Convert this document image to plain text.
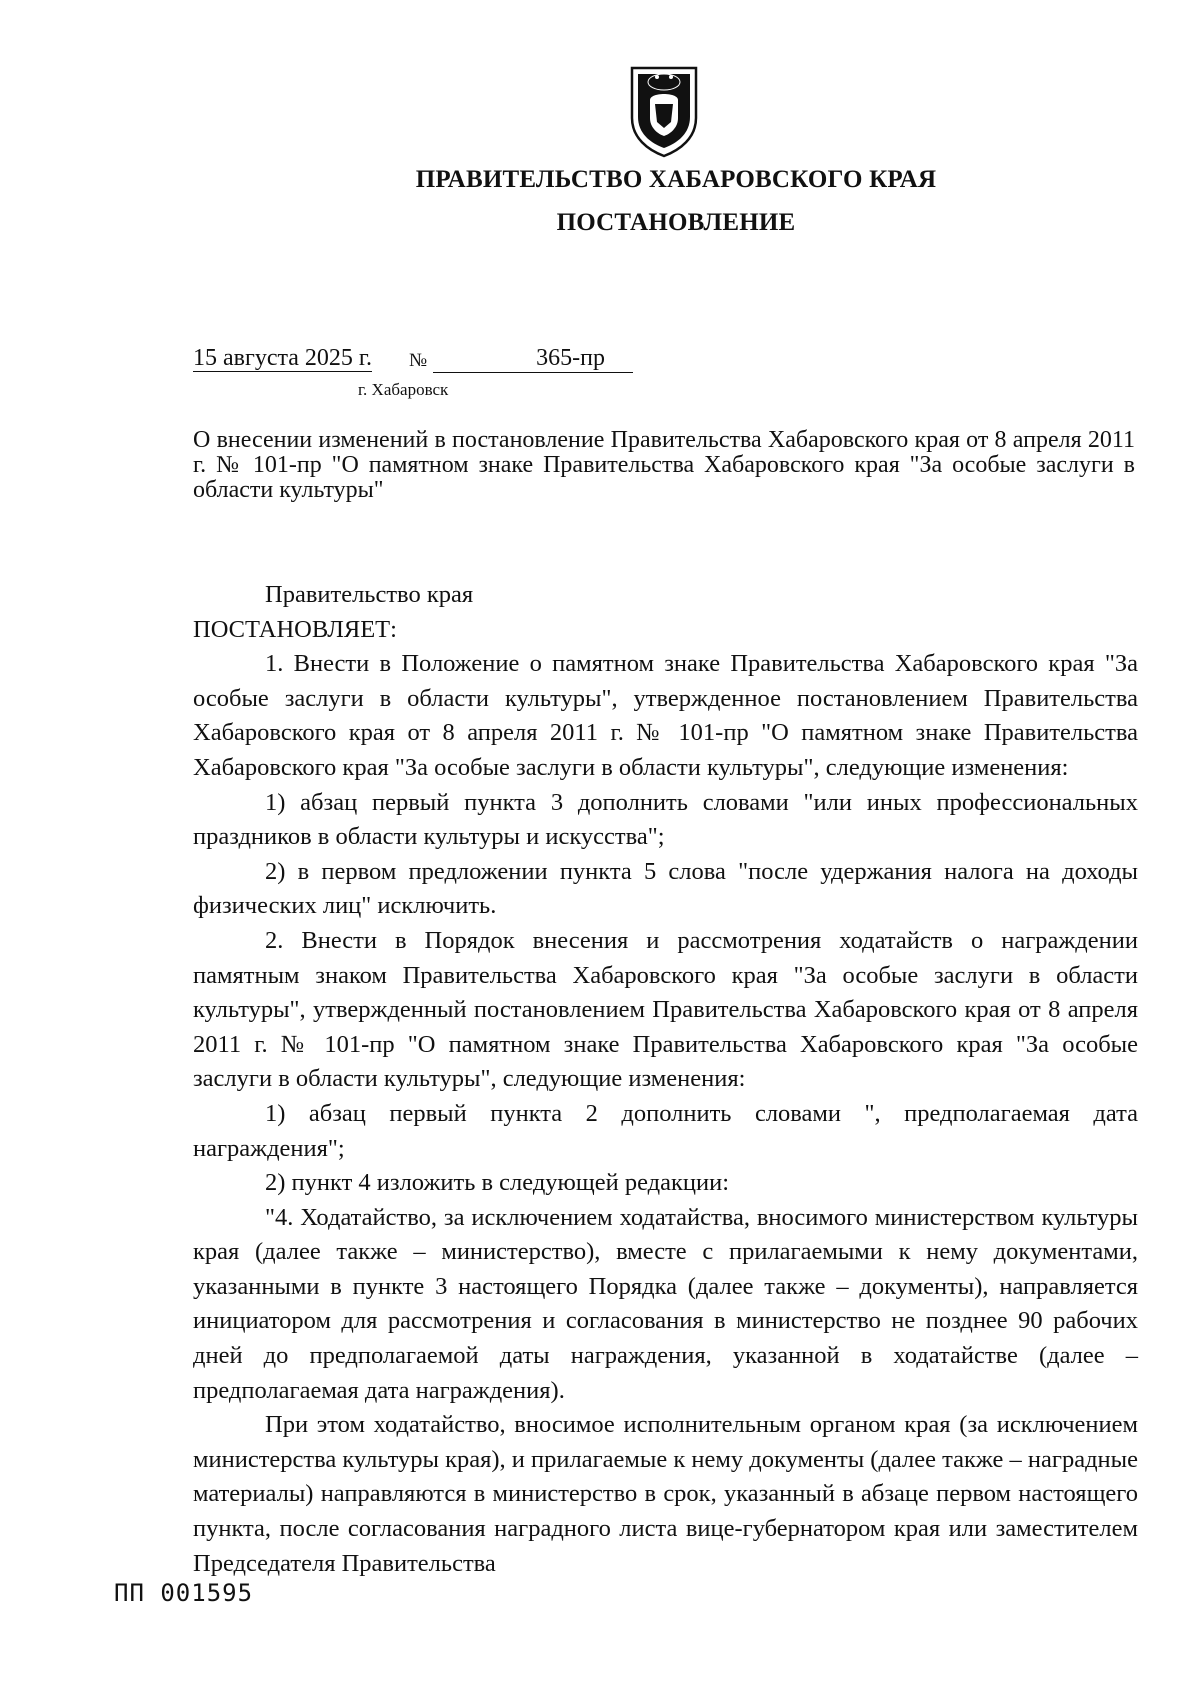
ПРАВИТЕЛЬСТВО ХАБАРОВСКОГО КРАЯ
ПОСТАНОВЛЕНИЕ
15 августа 2025 г. №	365-пр
г. Хабаровск
О внесении изменений в постановление Правительства Хабаровского края от 8 апреля 2011 г. № 101-пр "О памятном знаке Правительства Хабаровского края "За особые заслуги в области культуры"

Правительство края

ПОСТАНОВЛЯЕТ:

1. Внести в Положение о памятном знаке Правительства Хабаровского края "За особые заслуги в области культуры", утвержденное постановлением Правительства Хабаровского края от 8 апреля 2011 г. № 101-пр "О памятном знаке Правительства Хабаровского края "За особые заслуги в области культуры", следующие изменения:

1) абзац первый пункта 3 дополнить словами "или иных профессиональных праздников в области культуры и искусства";

2) в первом предложении пункта 5 слова "после удержания налога на доходы физических лиц" исключить.

2. Внести в Порядок внесения и рассмотрения ходатайств о награждении памятным знаком Правительства Хабаровского края "За особые заслуги в области культуры", утвержденный постановлением Правительства Хабаровского края от 8 апреля 2011 г. № 101-пр "О памятном знаке Правительства Хабаровского края "За особые заслуги в области культуры", следующие изменения:

1) абзац первый пункта 2 дополнить словами ", предполагаемая дата награждения";

2) пункт 4 изложить в следующей редакции:

"4. Ходатайство, за исключением ходатайства, вносимого министерством культуры края (далее также – министерство), вместе с прилагаемыми к нему документами, указанными в пункте 3 настоящего Порядка (далее также – документы), направляется инициатором для рассмотрения и согласования в министерство не позднее 90 рабочих дней до предполагаемой даты награждения, указанной в ходатайстве (далее – предполагаемая дата награждения).

При этом ходатайство, вносимое исполнительным органом края (за исключением министерства культуры края), и прилагаемые к нему документы (далее также – наградные материалы) направляются в министерство в срок, указанный в абзаце первом настоящего пункта, после согласования наградного листа вице-губернатором края или заместителем Председателя Правительства

ПП 001595
